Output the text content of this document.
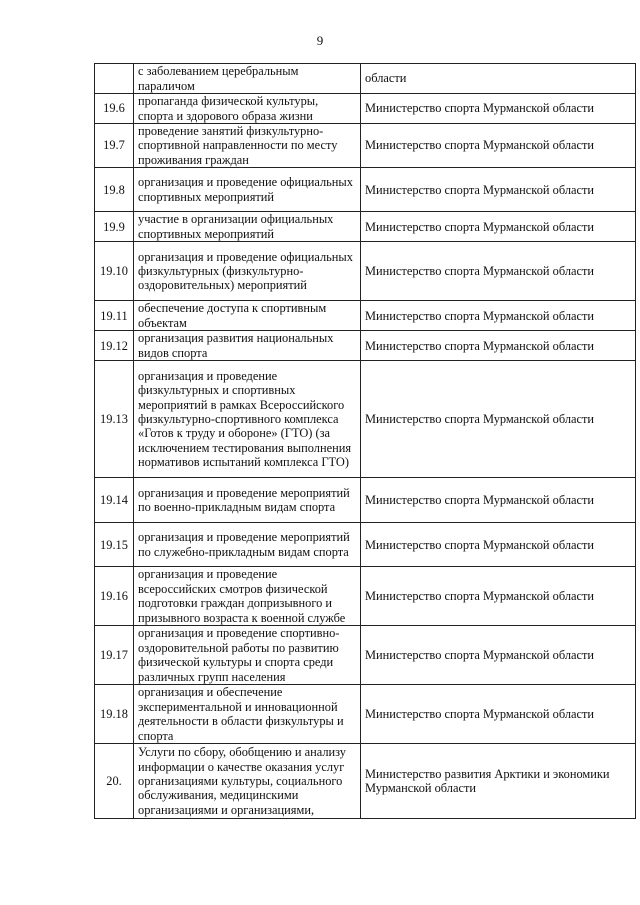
9
	с заболеванием церебральным параличом	области
19.6	пропаганда физической культуры, спорта и здорового образа жизни	Министерство спорта Мурманской области
19.7	проведение занятий физкультурно-спортивной направленности по месту проживания граждан	Министерство спорта Мурманской области
19.8	организация и проведение официальных спортивных мероприятий	Министерство спорта Мурманской области
19.9	участие в организации официальных спортивных мероприятий	Министерство спорта Мурманской области
19.10	организация и проведение официальных физкультурных (физкультурно-оздоровительных) мероприятий	Министерство спорта Мурманской области
19.11	обеспечение доступа к спортивным объектам	Министерство спорта Мурманской области
19.12	организация развития национальных видов спорта	Министерство спорта Мурманской области
19.13	организация и проведение физкультурных и спортивных мероприятий в рамках Всероссийского физкультурно-спортивного комплекса «Готов к труду и обороне» (ГТО) (за исключением тестирования выполнения нормативов испытаний комплекса ГТО)	Министерство спорта Мурманской области
19.14	организация и проведение мероприятий по военно-прикладным видам спорта	Министерство спорта Мурманской области
19.15	организация и проведение мероприятий по служебно-прикладным видам спорта	Министерство спорта Мурманской области
19.16	организация и проведение всероссийских смотров физической подготовки граждан допризывного и призывного возраста к военной службе	Министерство спорта Мурманской области
19.17	организация и проведение спортивно-оздоровительной работы по развитию физической культуры и спорта среди различных групп населения	Министерство спорта Мурманской области
19.18	организация и обеспечение экспериментальной и инновационной деятельности в области физкультуры и спорта	Министерство спорта Мурманской области
20.	Услуги по сбору, обобщению и анализу информации о качестве оказания услуг организациями культуры, социального обслуживания, медицинскими организациями и организациями,	Министерство развития Арктики и экономики Мурманской области
